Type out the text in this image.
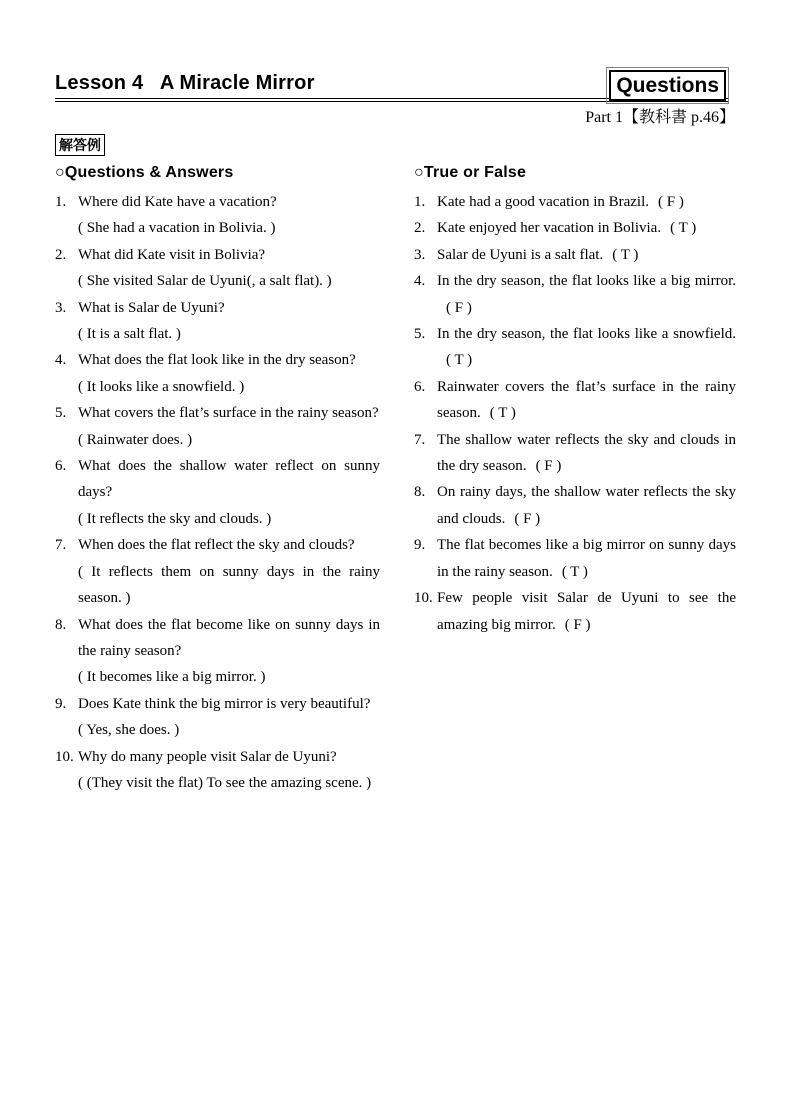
Lesson 4   A Miracle Mirror	Questions
Part 1【教科書 p.46】
解答例
○Questions & Answers
1. Where did Kate have a vacation?
( She had a vacation in Bolivia. )
2. What did Kate visit in Bolivia?
( She visited Salar de Uyuni(, a salt flat). )
3. What is Salar de Uyuni?
( It is a salt flat. )
4. What does the flat look like in the dry season?
( It looks like a snowfield. )
5. What covers the flat’s surface in the rainy season?
( Rainwater does. )
6. What does the shallow water reflect on sunny days?
( It reflects the sky and clouds. )
7. When does the flat reflect the sky and clouds?
( It reflects them on sunny days in the rainy season. )
8. What does the flat become like on sunny days in the rainy season?
( It becomes like a big mirror. )
9. Does Kate think the big mirror is very beautiful?
( Yes, she does. )
10. Why do many people visit Salar de Uyuni?
( (They visit the flat) To see the amazing scene. )
○True or False
1. Kate had a good vacation in Brazil. ( F )
2. Kate enjoyed her vacation in Bolivia. ( T )
3. Salar de Uyuni is a salt flat. ( T )
4. In the dry season, the flat looks like a big mirror.( F )
5. In the dry season, the flat looks like a snowfield.( T )
6. Rainwater covers the flat’s surface in the rainy season. ( T )
7. The shallow water reflects the sky and clouds in the dry season. ( F )
8. On rainy days, the shallow water reflects the sky and clouds. ( F )
9. The flat becomes like a big mirror on sunny days in the rainy season. ( T )
10. Few people visit Salar de Uyuni to see the amazing big mirror. ( F )
